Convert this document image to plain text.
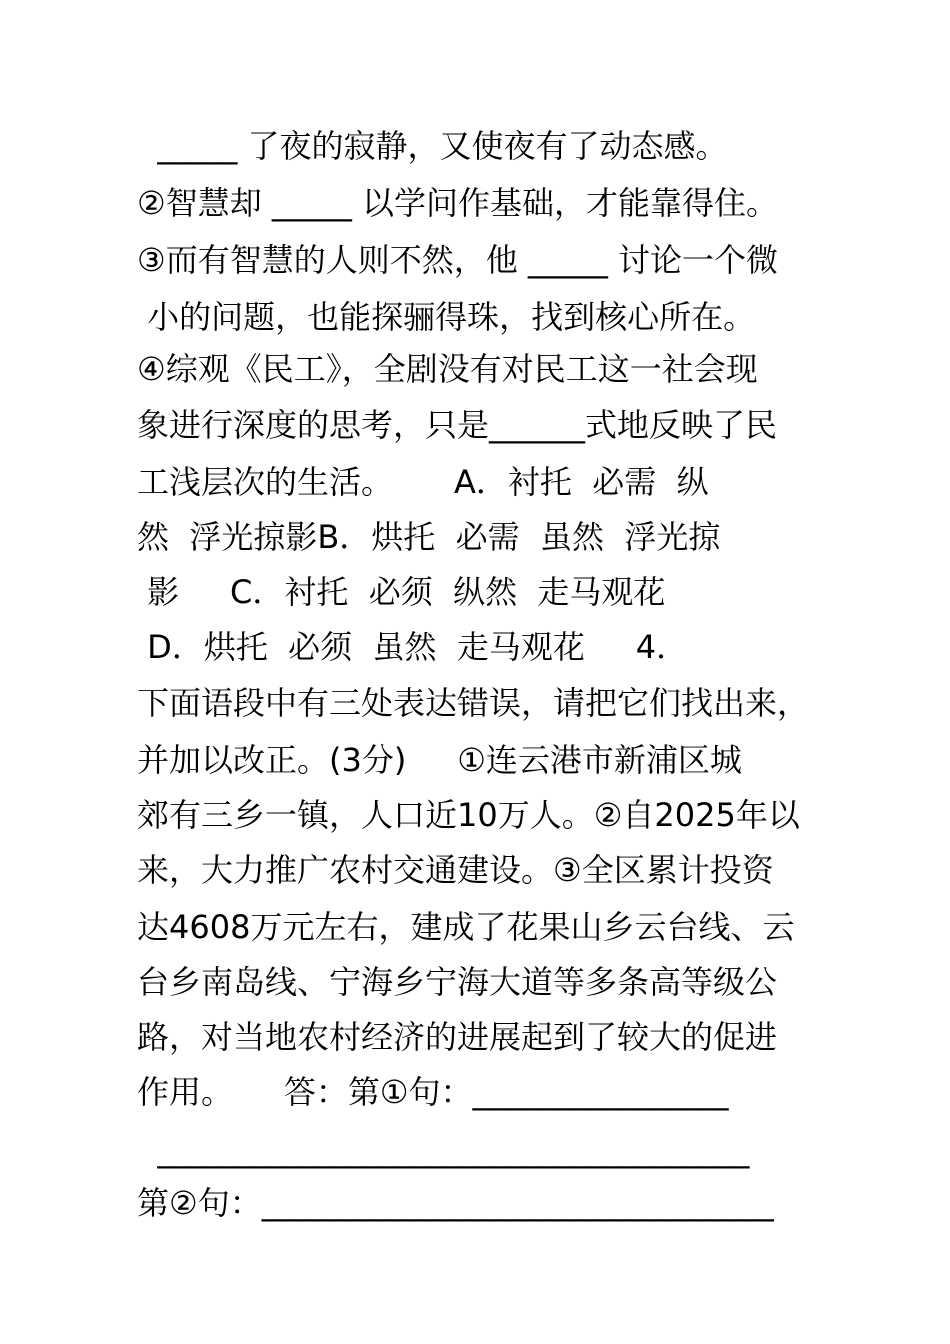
_____ 了夜的寂静，又使夜有了动态感。
②智慧却 _____ 以学问作基础，才能靠得住。
③而有智慧的人则不然，他 _____ 讨论一个微
小的问题，也能探骊得珠，找到核心所在。
④综观《民工》，全剧没有对民工这一社会现
象进行深度的思考，只是______式地反映了民
工浅层次的生活。      A．衬托  必需  纵
然  浮光掠影B．烘托  必需  虽然  浮光掠
影     C．衬托  必须  纵然  走马观花
D．烘托  必须  虽然  走马观花     4．
下面语段中有三处表达错误，请把它们找出来，
并加以改正。(3分)     ①连云港市新浦区城
郊有三乡一镇，人口近10万人。②自2025年以
来，大力推广农村交通建设。③全区累计投资
达4608万元左右，建成了花果山乡云台线、云
台乡南岛线、宁海乡宁海大道等多条高等级公
路，对当地农村经济的进展起到了较大的促进
作用。     答：第①句：________________
_____________________________________
第②句：________________________________
